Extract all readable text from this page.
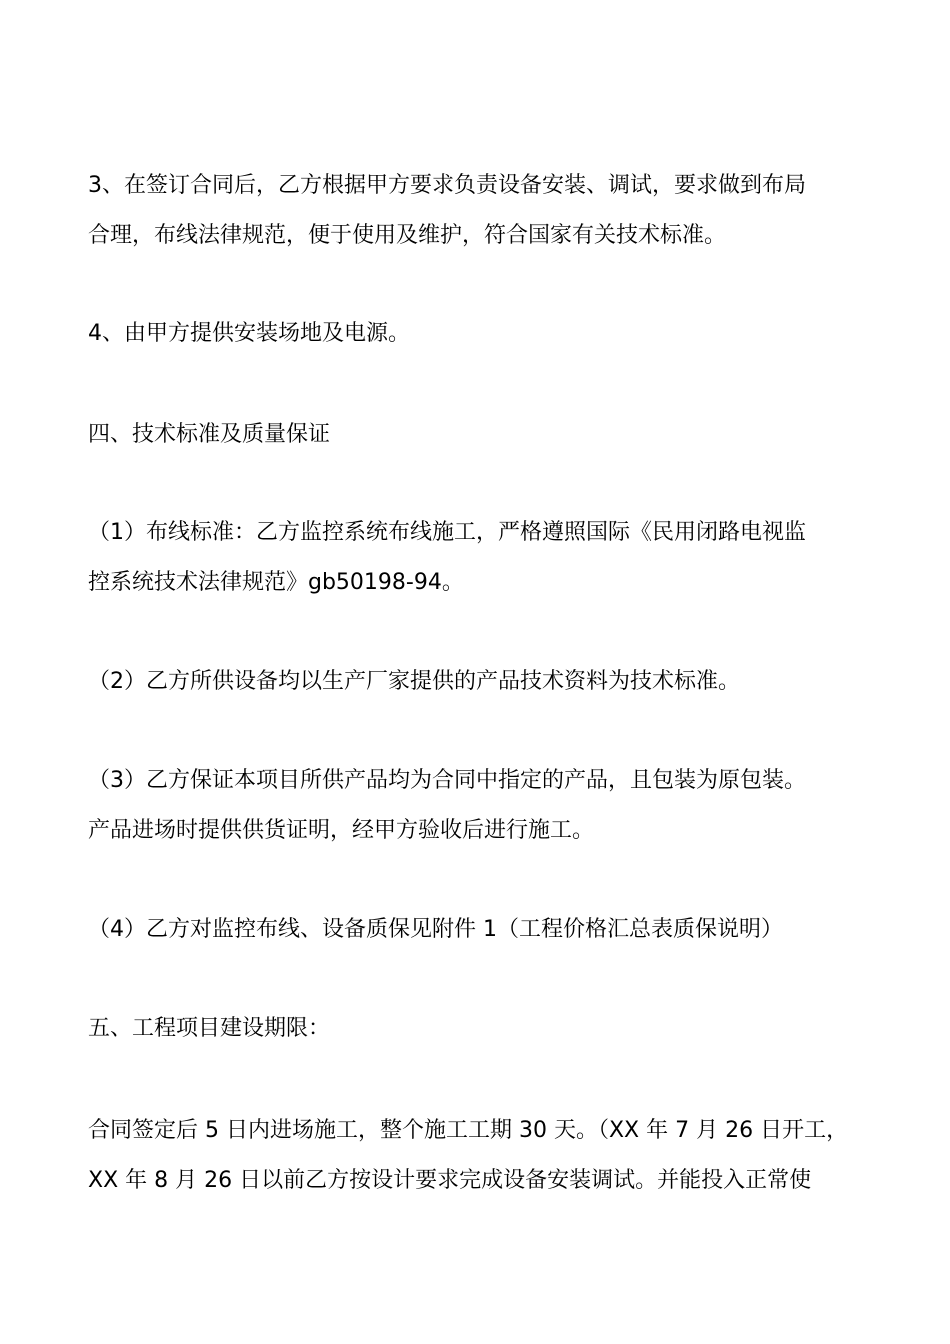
3、在签订合同后，乙方根据甲方要求负责设备安装、调试，要求做到布局
合理，布线法律规范，便于使用及维护，符合国家有关技术标准。

4、由甲方提供安装场地及电源。

四、技术标准及质量保证

（1）布线标准：乙方监控系统布线施工，严格遵照国际《民用闭路电视监
控系统技术法律规范》gb50198-94。

（2）乙方所供设备均以生产厂家提供的产品技术资料为技术标准。

（3）乙方保证本项目所供产品均为合同中指定的产品，且包装为原包装。
产品进场时提供供货证明，经甲方验收后进行施工。

（4）乙方对监控布线、设备质保见附件 1（工程价格汇总表质保说明）

五、工程项目建设期限：

合同签定后 5 日内进场施工，整个施工工期 30 天。（XX 年 7 月 26 日开工，
XX 年 8 月 26 日以前乙方按设计要求完成设备安装调试。并能投入正常使
